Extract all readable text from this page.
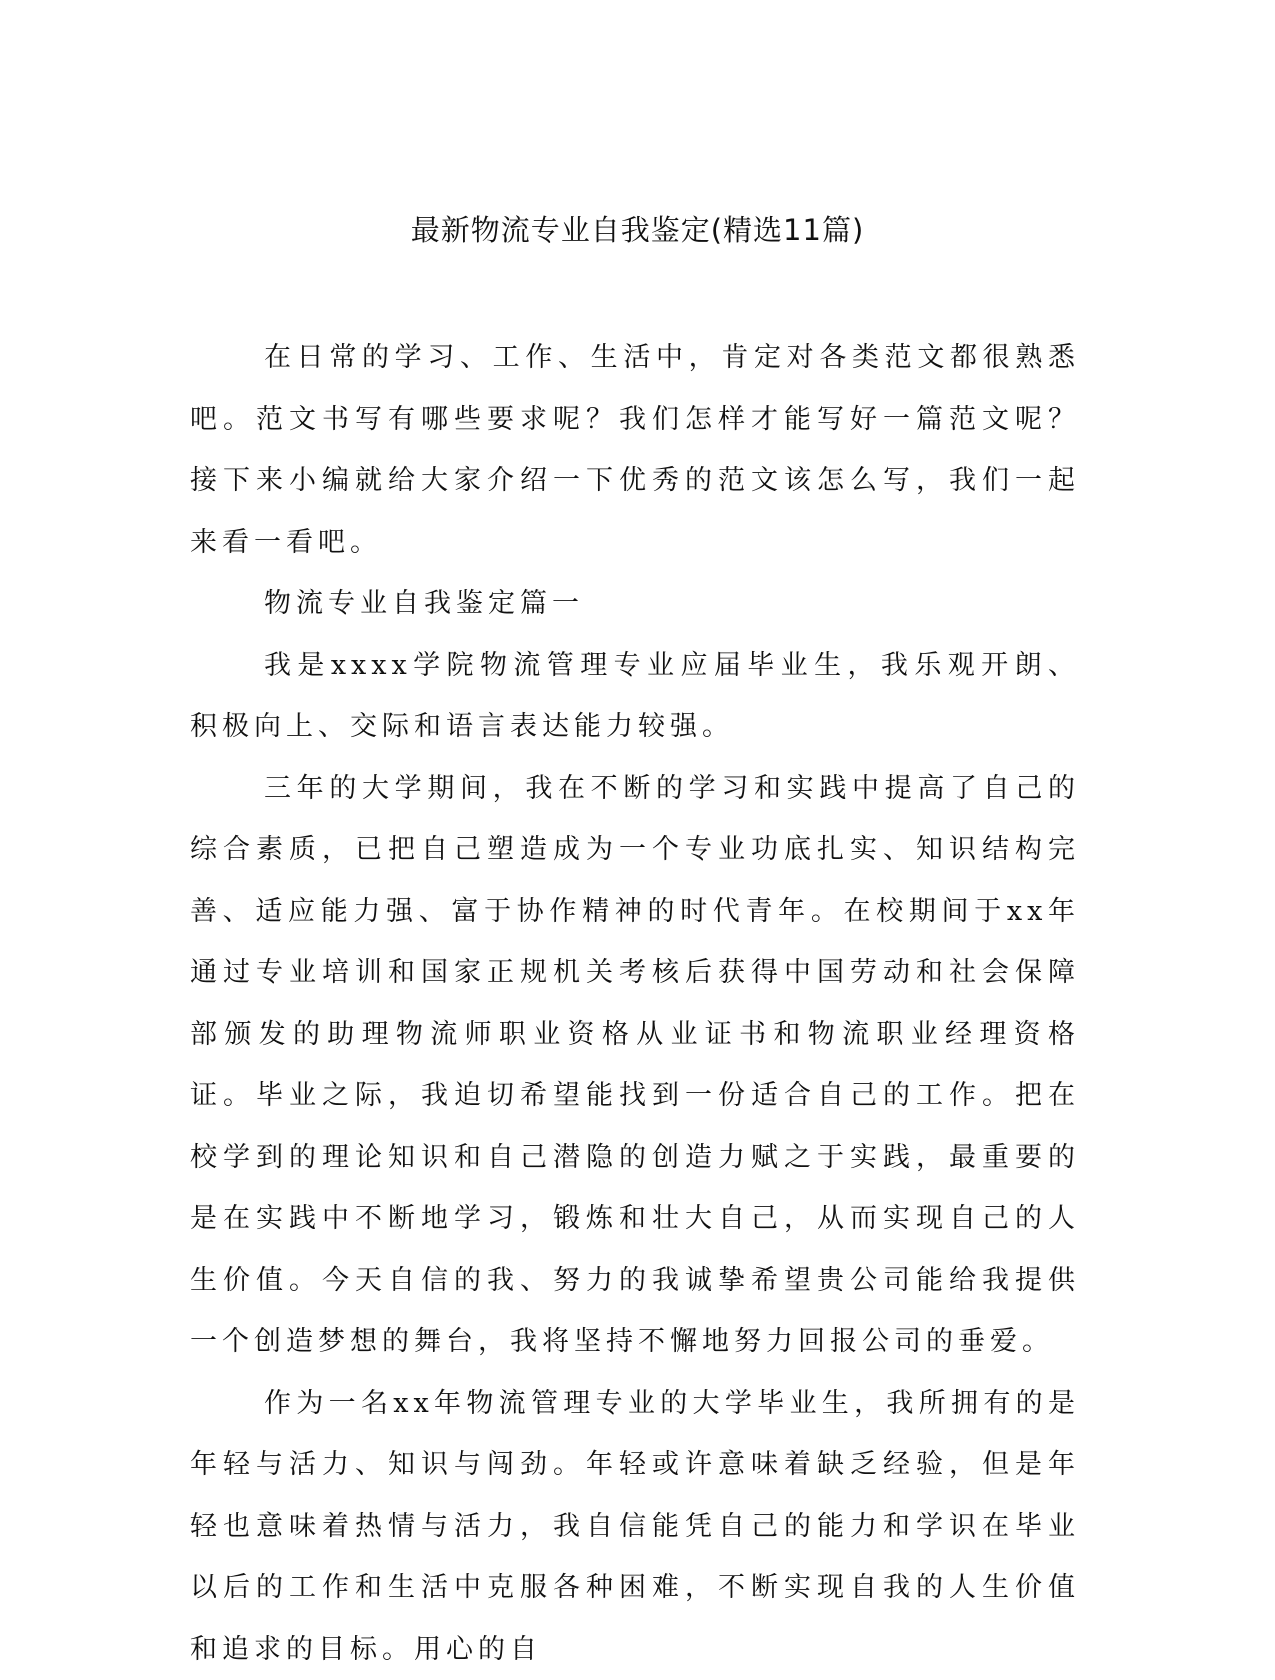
最新物流专业自我鉴定(精选11篇)

在日常的学习、工作、生活中，肯定对各类范文都很熟悉吧。范文书写有哪些要求呢？我们怎样才能写好一篇范文呢？接下来小编就给大家介绍一下优秀的范文该怎么写，我们一起来看一看吧。

物流专业自我鉴定篇一

我是xxxx学院物流管理专业应届毕业生，我乐观开朗、积极向上、交际和语言表达能力较强。

三年的大学期间，我在不断的学习和实践中提高了自己的综合素质，已把自己塑造成为一个专业功底扎实、知识结构完善、适应能力强、富于协作精神的时代青年。在校期间于xx年通过专业培训和国家正规机关考核后获得中国劳动和社会保障部颁发的助理物流师职业资格从业证书和物流职业经理资格证。毕业之际，我迫切希望能找到一份适合自己的工作。把在校学到的理论知识和自己潜隐的创造力赋之于实践，最重要的是在实践中不断地学习，锻炼和壮大自己，从而实现自己的人生价值。今天自信的我、努力的我诚挚希望贵公司能给我提供一个创造梦想的舞台，我将坚持不懈地努力回报公司的垂爱。

作为一名xx年物流管理专业的大学毕业生，我所拥有的是年轻与活力、知识与闯劲。年轻或许意味着缺乏经验，但是年轻也意味着热情与活力，我自信能凭自己的能力和学识在毕业以后的工作和生活中克服各种困难，不断实现自我的人生价值和追求的目标。用心的自
